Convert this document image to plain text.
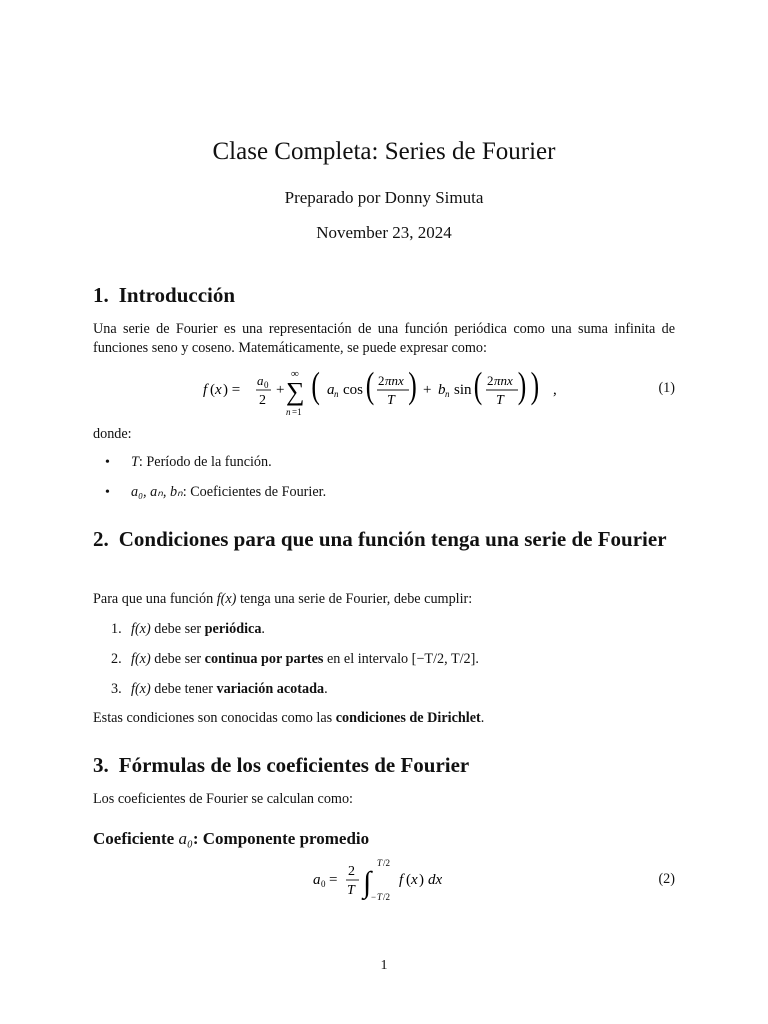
Clase Completa: Series de Fourier
Preparado por Donny Simuta
November 23, 2024
1. Introducción

Una serie de Fourier es una representación de una función periódica como una suma infinita de funciones seno y coseno. Matemáticamente, se puede expresar como:

f ( x ) =
a 0
2
+
∞
∑
n =1
( a n cos ( 2 πnx
T ) + b n sin ( 2 πnx
T ) ) ,	(1)

donde:

• T: Período de la función.
• a₀, aₙ, bₙ: Coeficientes de Fourier.
2. Condiciones para que una función tenga una serie de Fourier

Para que una función f(x) tenga una serie de Fourier, debe cumplir:

1. f(x) debe ser periódica.
2. f(x) debe ser continua por partes en el intervalo [−T/2, T/2].
3. f(x) debe tener variación acotada.

Estas condiciones son conocidas como las condiciones de Dirichlet.

3. Fórmulas de los coeficientes de Fourier

Los coeficientes de Fourier se calculan como:

Coeficiente a₀: Componente promedio
a 0 =
2
T ∫
T /2
− T /2
f ( x ) dx	(2)
1
